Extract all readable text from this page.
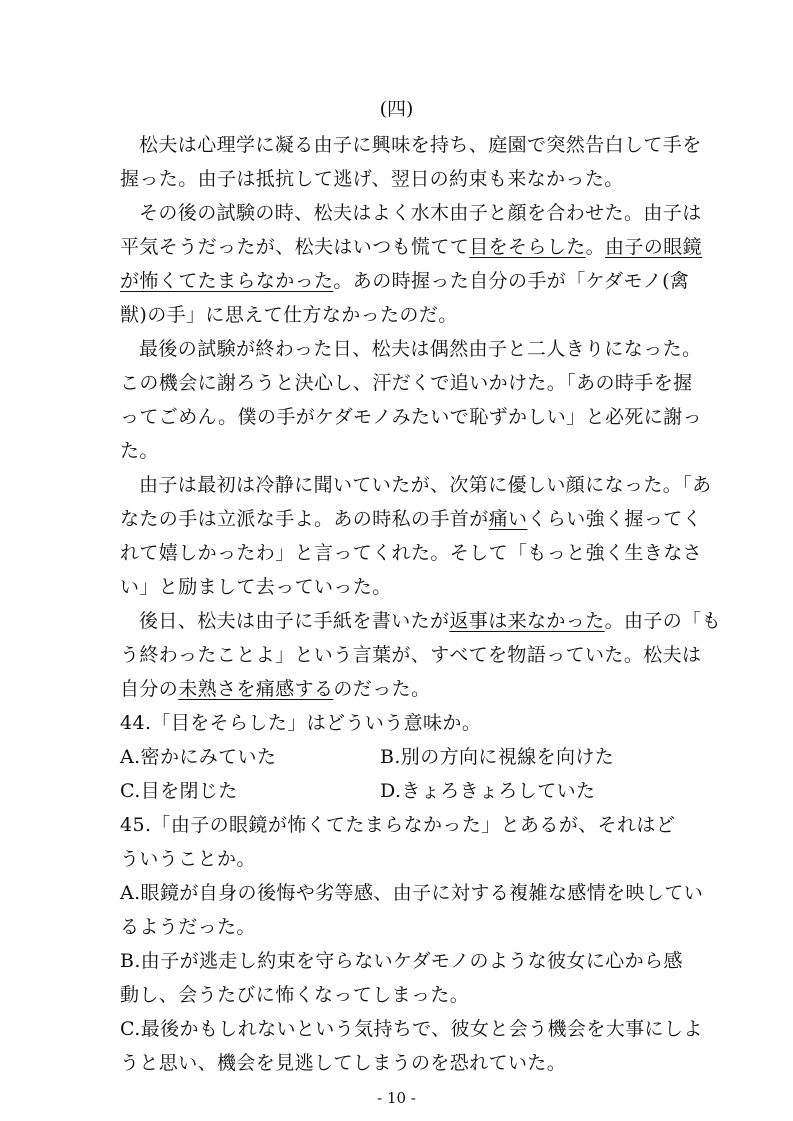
(四)
松夫は心理学に凝る由子に興味を持ち、庭園で突然告白して手を
握った。由子は抵抗して逃げ、翌日の約束も来なかった。
その後の試験の時、松夫はよく水木由子と顔を合わせた。由子は
平気そうだったが、松夫はいつも慌てて目をそらした。由子の眼鏡
が怖くてたまらなかった。あの時握った自分の手が「ケダモノ(禽
獣)の手」に思えて仕方なかったのだ。
最後の試験が終わった日、松夫は偶然由子と二人きりになった。
この機会に謝ろうと決心し、汗だくで追いかけた。「あの時手を握
ってごめん。僕の手がケダモノみたいで恥ずかしい」と必死に謝っ
た。
由子は最初は冷静に聞いていたが、次第に優しい顔になった。「あ
なたの手は立派な手よ。あの時私の手首が痛いくらい強く握ってく
れて嬉しかったわ」と言ってくれた。そして「もっと強く生きなさ
い」と励まして去っていった。
後日、松夫は由子に手紙を書いたが返事は来なかった。由子の「も
う終わったことよ」という言葉が、すべてを物語っていた。松夫は
自分の未熟さを痛感するのだった。
44.「目をそらした」はどういう意味か。
A.密かにみていた	B.別の方向に視線を向けた
C.目を閉じた	D.きょろきょろしていた
45.「由子の眼鏡が怖くてたまらなかった」とあるが、それはど
ういうことか。
A.眼鏡が自身の後悔や劣等感、由子に対する複雑な感情を映してい
るようだった。
B.由子が逃走し約束を守らないケダモノのような彼女に心から感
動し、会うたびに怖くなってしまった。
C.最後かもしれないという気持ちで、彼女と会う機会を大事にしよ
うと思い、機会を見逃してしまうのを恐れていた。
- 10 -
